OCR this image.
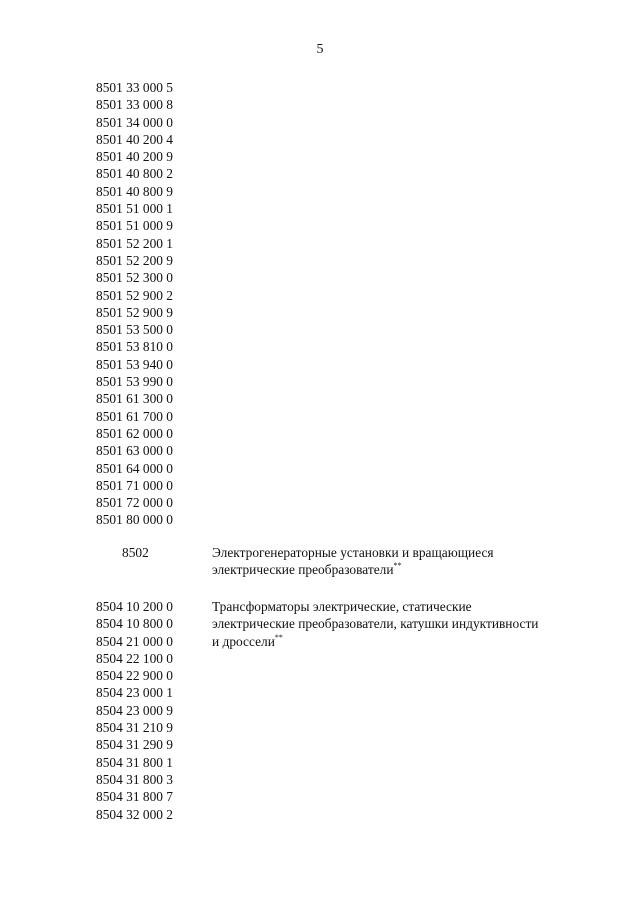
5
8501 33 000 5
8501 33 000 8
8501 34 000 0
8501 40 200 4
8501 40 200 9
8501 40 800 2
8501 40 800 9
8501 51 000 1
8501 51 000 9
8501 52 200 1
8501 52 200 9
8501 52 300 0
8501 52 900 2
8501 52 900 9
8501 53 500 0
8501 53 810 0
8501 53 940 0
8501 53 990 0
8501 61 300 0
8501 61 700 0
8501 62 000 0
8501 63 000 0
8501 64 000 0
8501 71 000 0
8501 72 000 0
8501 80 000 0
8502	Электрогенераторные установки и вращающиеся электрические преобразователи**
8504 10 200 0
8504 10 800 0
8504 21 000 0
8504 22 100 0
8504 22 900 0
8504 23 000 1
8504 23 000 9
8504 31 210 9
8504 31 290 9
8504 31 800 1
8504 31 800 3
8504 31 800 7
8504 32 000 2
Трансформаторы электрические, статические электрические преобразователи, катушки индуктивности и дроссели**
